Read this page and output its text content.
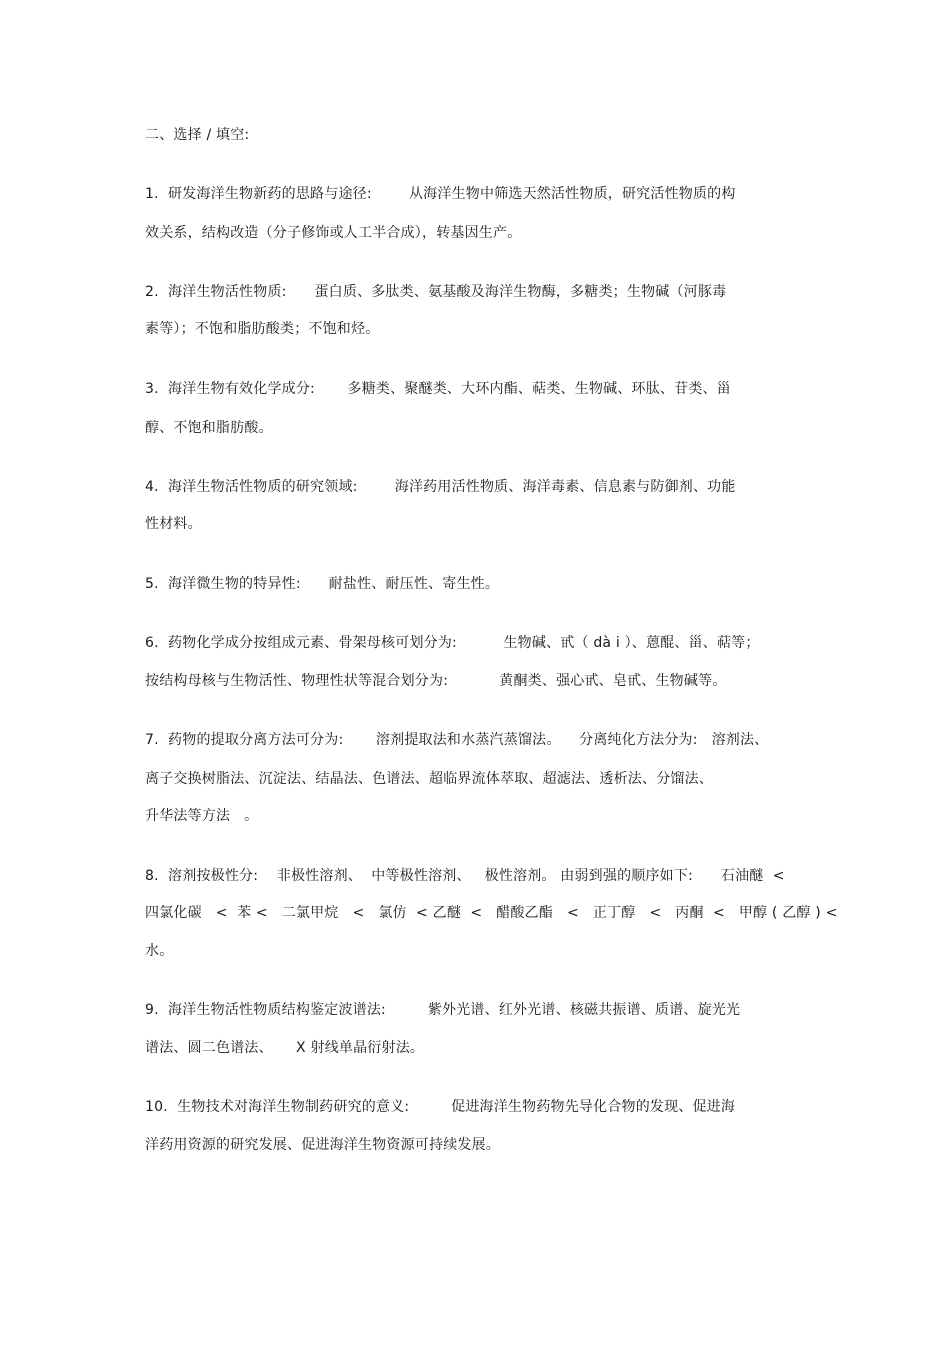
二、选择 / 填空:
1.  研发海洋生物新药的思路与途径:        从海洋生物中筛选天然活性物质，研究活性物质的构
效关系，结构改造（分子修饰或人工半合成），转基因生产。
2.  海洋生物活性物质:      蛋白质、多肽类、氨基酸及海洋生物酶，多糖类；生物碱（河豚毒
素等）；不饱和脂肪酸类；不饱和烃。
3.  海洋生物有效化学成分:       多糖类、聚醚类、大环内酯、萜类、生物碱、环肽、苷类、甾
醇、不饱和脂肪酸。
4.  海洋生物活性物质的研究领域:        海洋药用活性物质、海洋毒素、信息素与防御剂、功能
性材料。
5.  海洋微生物的特异性:      耐盐性、耐压性、寄生性。
6.  药物化学成分按组成元素、骨架母核可划分为:          生物碱、甙（ dà i ）、蒽醌、甾、萜等；
按结构母核与生物活性、物理性状等混合划分为:           黄酮类、强心甙、皂甙、生物碱等。
7.  药物的提取分离方法可分为:       溶剂提取法和水蒸汽蒸馏法。    分离纯化方法分为:   溶剂法、
离子交换树脂法、沉淀法、结晶法、色谱法、超临界流体萃取、超滤法、透析法、分馏法、
升华法等方法   。
8.  溶剂按极性分:    非极性溶剂、  中等极性溶剂、   极性溶剂。 由弱到强的顺序如下:      石油醚  <
四氯化碳   <  苯 <   二氯甲烷   <   氯仿  < 乙醚  <   醋酸乙酯   <   正丁醇   <   丙酮  <   甲醇 ( 乙醇 ) <
水。
9.  海洋生物活性物质结构鉴定波谱法:         紫外光谱、红外光谱、核磁共振谱、质谱、旋光光
谱法、圆二色谱法、     X 射线单晶衍射法。
10.  生物技术对海洋生物制药研究的意义:         促进海洋生物药物先导化合物的发现、促进海
洋药用资源的研究发展、促进海洋生物资源可持续发展。
